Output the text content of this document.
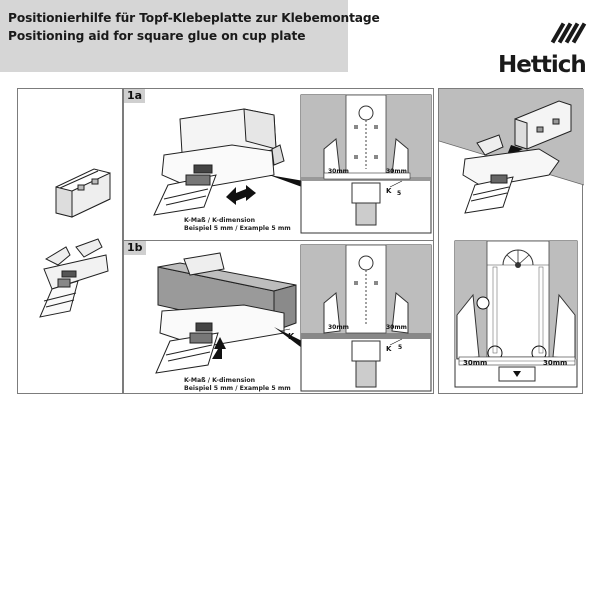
Positionierhilfe für Topf-Klebeplatte zur Klebemontage
Positioning aid for square glue on cup plate
Hettich
1a
30mm	30mm
K 5
K-Maß / K-dimension
Beispiel 5 mm / Example 5 mm
1b
K
30mm	30mm
K 5
K-Maß / K-dimension
Beispiel 5 mm / Example 5 mm
30mm	30mm
